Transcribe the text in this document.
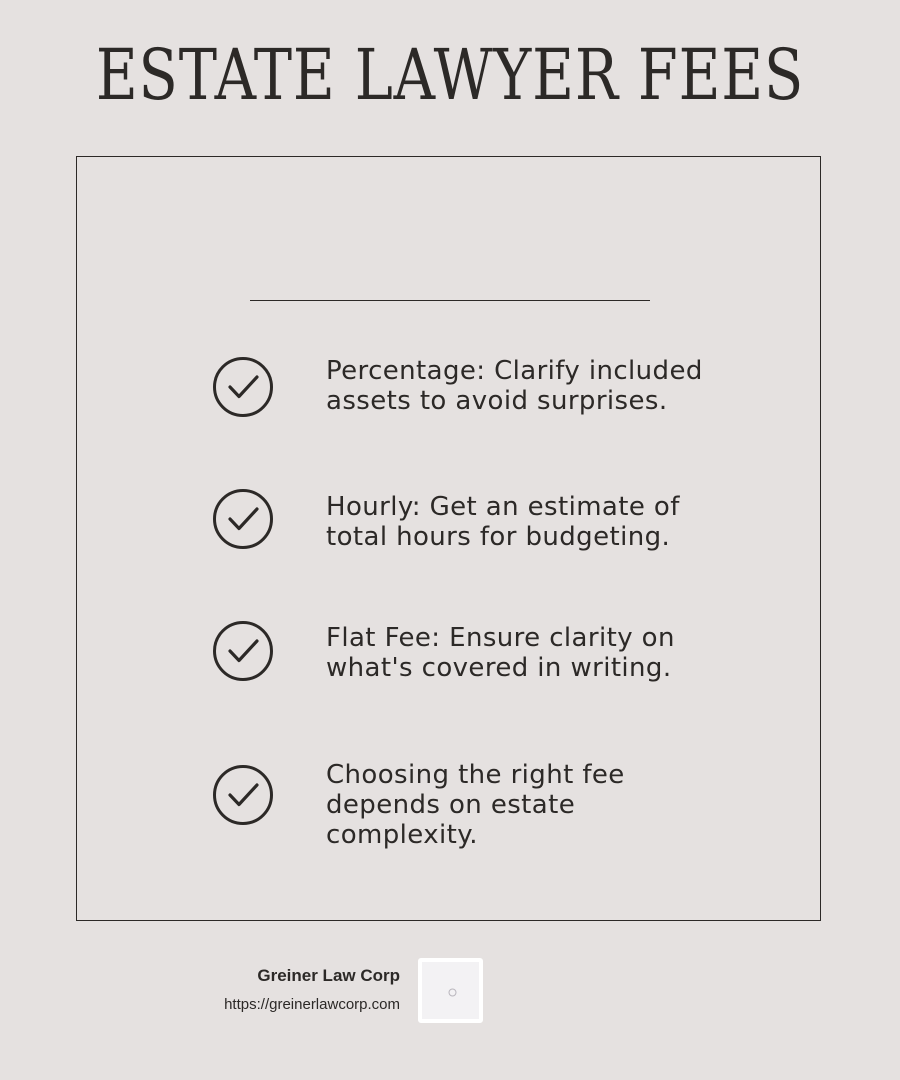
ESTATE LAWYER FEES
Percentage: Clarify included assets to avoid surprises.
Hourly: Get an estimate of total hours for budgeting.
Flat Fee: Ensure clarity on what's covered in writing.
Choosing the right fee depends on estate complexity.
Greiner Law Corp
https://greinerlawcorp.com
